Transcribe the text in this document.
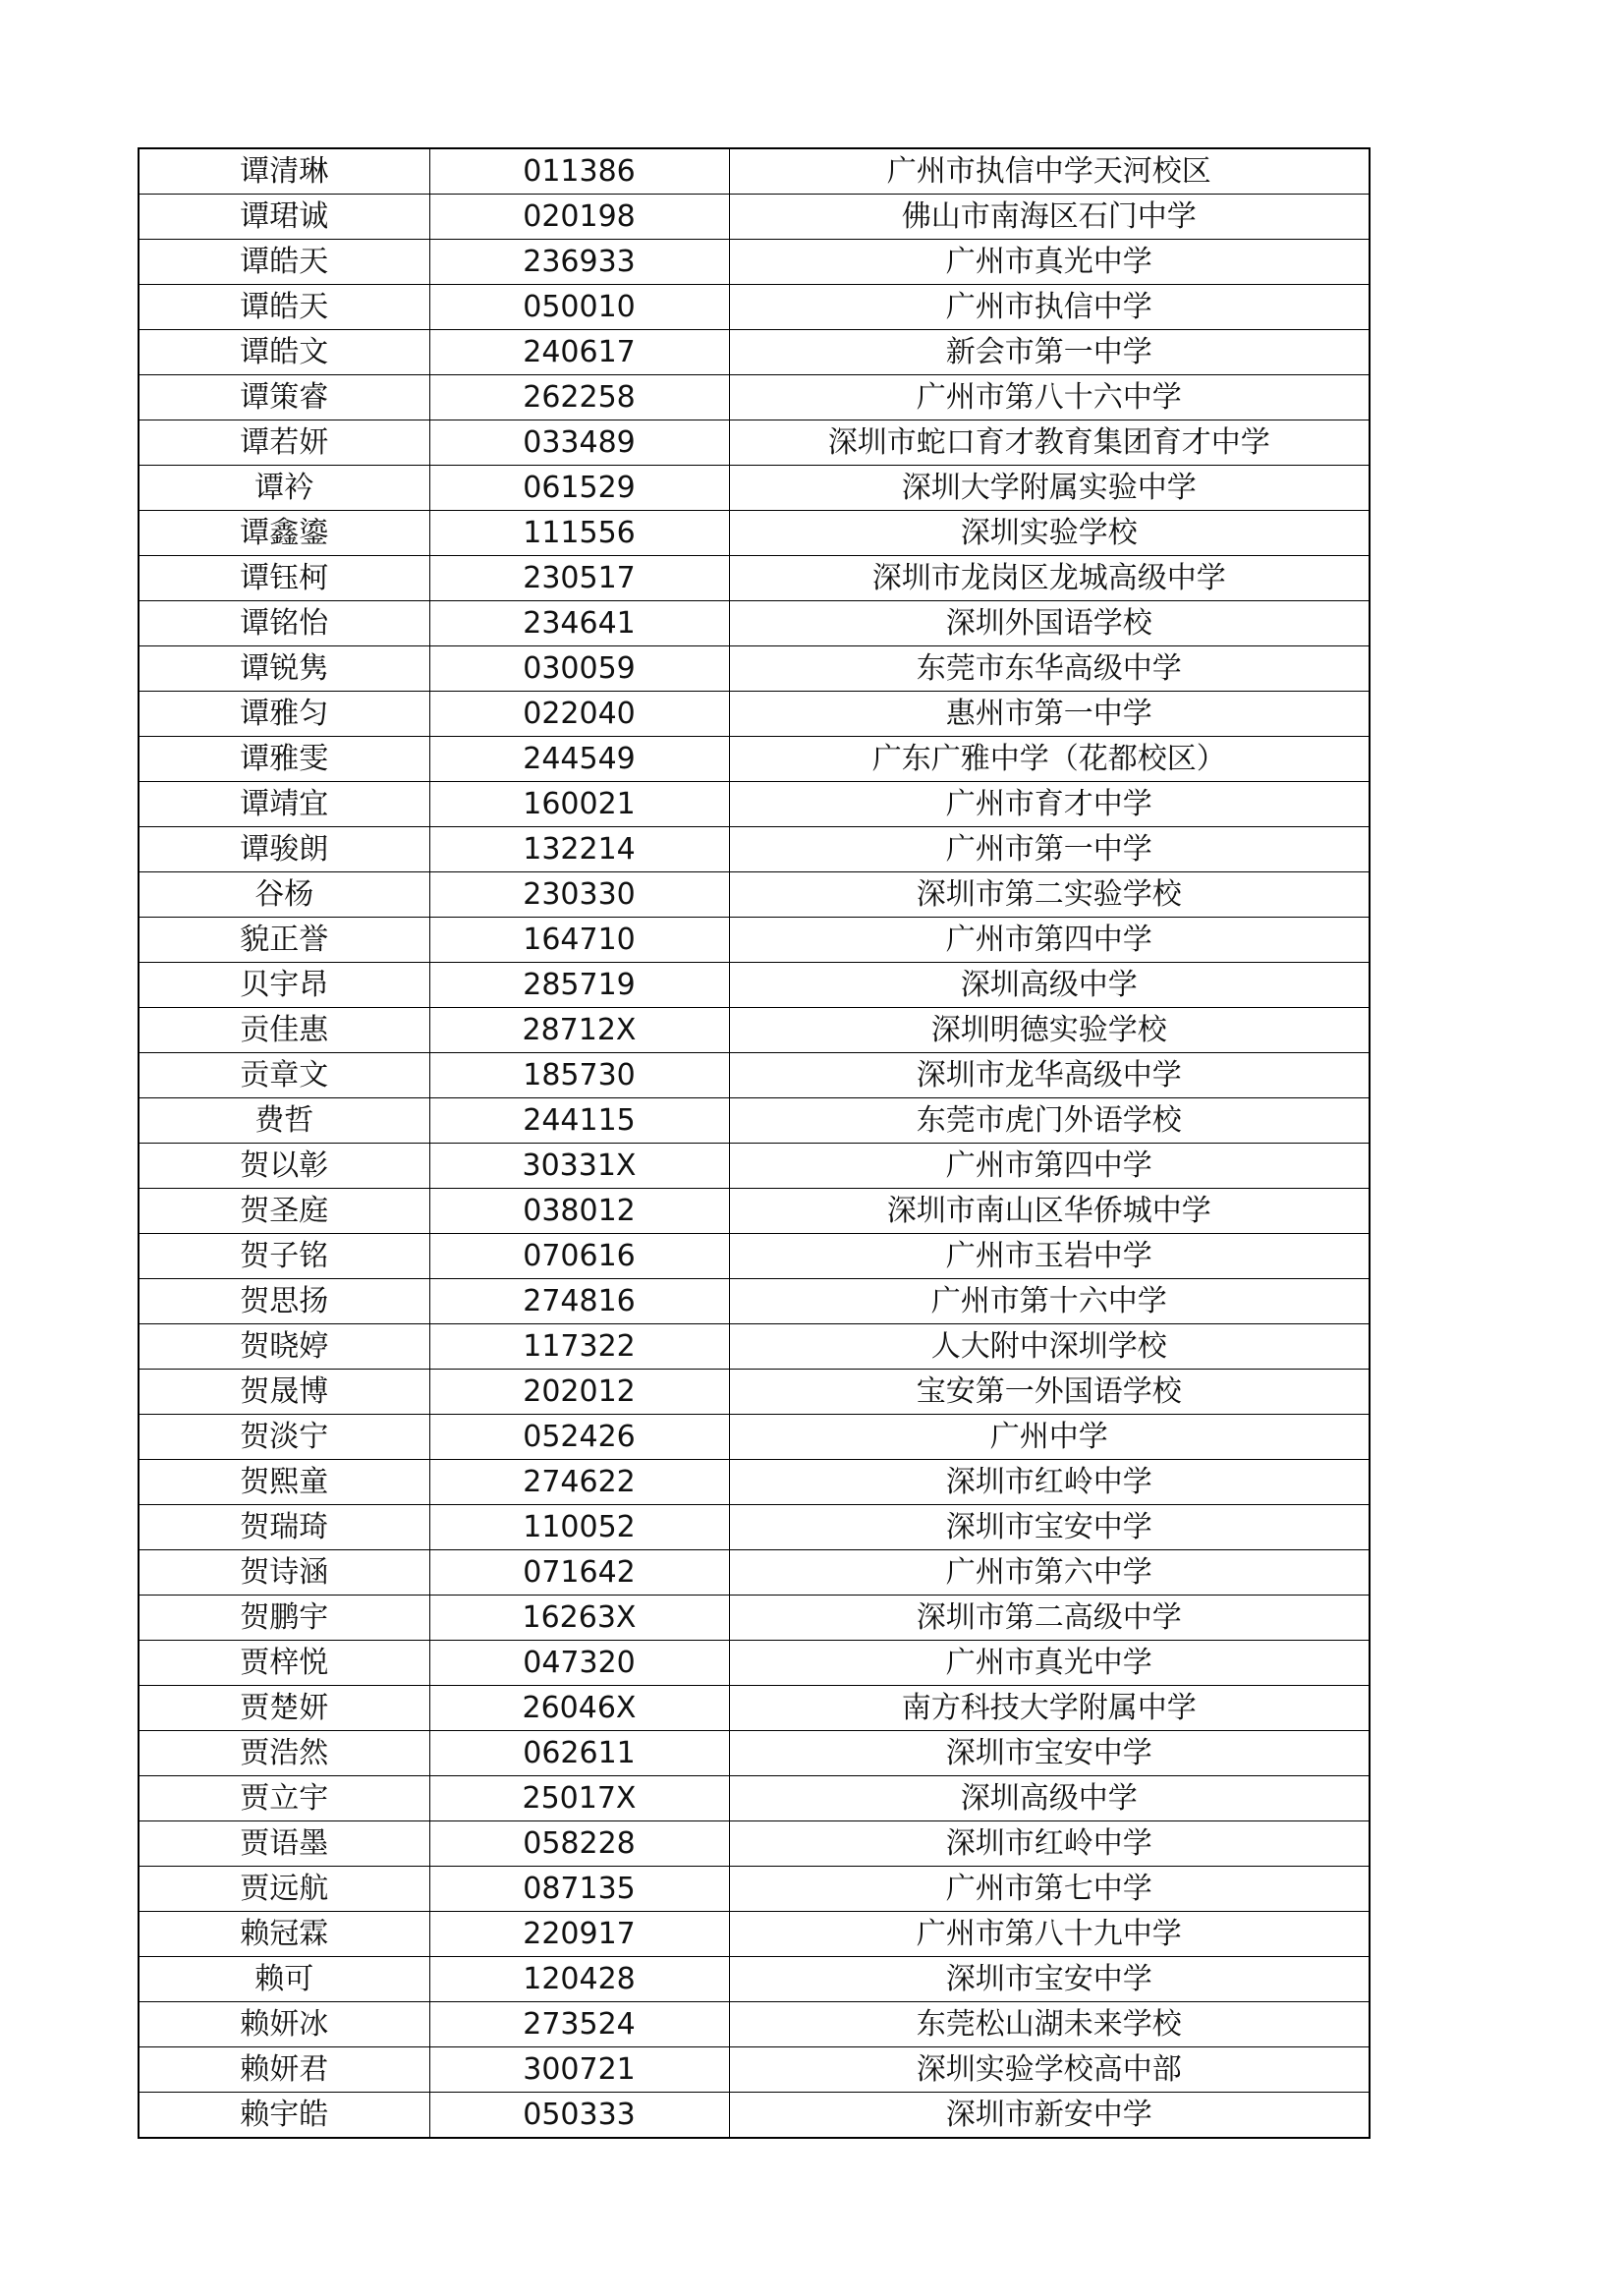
谭清琳	011386	广州市执信中学天河校区
谭珺诚	020198	佛山市南海区石门中学
谭皓天	236933	广州市真光中学
谭皓天	050010	广州市执信中学
谭皓文	240617	新会市第一中学
谭策睿	262258	广州市第八十六中学
谭若妍	033489	深圳市蛇口育才教育集团育才中学
谭衿	061529	深圳大学附属实验中学
谭鑫鎏	111556	深圳实验学校
谭钰柯	230517	深圳市龙岗区龙城高级中学
谭铭怡	234641	深圳外国语学校
谭锐隽	030059	东莞市东华高级中学
谭雅匀	022040	惠州市第一中学
谭雅雯	244549	广东广雅中学（花都校区）
谭靖宜	160021	广州市育才中学
谭骏朗	132214	广州市第一中学
谷杨	230330	深圳市第二实验学校
貌正誉	164710	广州市第四中学
贝宇昂	285719	深圳高级中学
贡佳惠	28712X	深圳明德实验学校
贡章文	185730	深圳市龙华高级中学
费哲	244115	东莞市虎门外语学校
贺以彰	30331X	广州市第四中学
贺圣庭	038012	深圳市南山区华侨城中学
贺子铭	070616	广州市玉岩中学
贺思扬	274816	广州市第十六中学
贺晓婷	117322	人大附中深圳学校
贺晟博	202012	宝安第一外国语学校
贺淡宁	052426	广州中学
贺熙童	274622	深圳市红岭中学
贺瑞琦	110052	深圳市宝安中学
贺诗涵	071642	广州市第六中学
贺鹏宇	16263X	深圳市第二高级中学
贾梓悦	047320	广州市真光中学
贾楚妍	26046X	南方科技大学附属中学
贾浩然	062611	深圳市宝安中学
贾立宇	25017X	深圳高级中学
贾语墨	058228	深圳市红岭中学
贾远航	087135	广州市第七中学
赖冠霖	220917	广州市第八十九中学
赖可	120428	深圳市宝安中学
赖妍冰	273524	东莞松山湖未来学校
赖妍君	300721	深圳实验学校高中部
赖宇皓	050333	深圳市新安中学
